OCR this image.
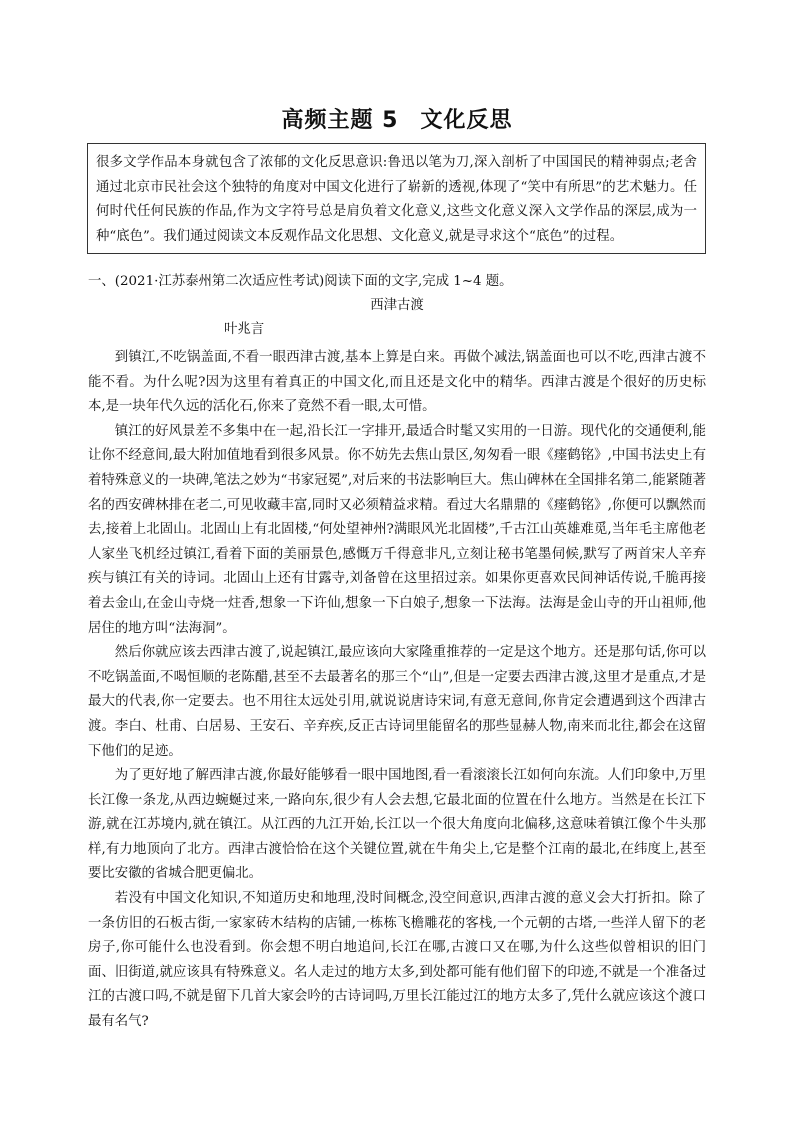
高频主题 5 文化反思
很多文学作品本身就包含了浓郁的文化反思意识:鲁迅以笔为刀,深入剖析了中国国民的精神弱点;老舍通过北京市民社会这个独特的角度对中国文化进行了崭新的透视,体现了“笑中有所思”的艺术魅力。任何时代任何民族的作品,作为文字符号总是肩负着文化意义,这些文化意义深入文学作品的深层,成为一种“底色”。我们通过阅读文本反观作品文化思想、文化意义,就是寻求这个“底色”的过程。
一、(2021·江苏泰州第二次适应性考试)阅读下面的文字,完成 1~4 题。
西津古渡
叶兆言

到镇江,不吃锅盖面,不看一眼西津古渡,基本上算是白来。再做个减法,锅盖面也可以不吃,西津古渡不能不看。为什么呢?因为这里有着真正的中国文化,而且还是文化中的精华。西津古渡是个很好的历史标本,是一块年代久远的活化石,你来了竟然不看一眼,太可惜。

镇江的好风景差不多集中在一起,沿长江一字排开,最适合时髦又实用的一日游。现代化的交通便利,能让你不经意间,最大附加值地看到很多风景。你不妨先去焦山景区,匆匆看一眼《瘗鹤铭》,中国书法史上有着特殊意义的一块碑,笔法之妙为“书家冠冕”,对后来的书法影响巨大。焦山碑林在全国排名第二,能紧随著名的西安碑林排在老二,可见收藏丰富,同时又必须精益求精。看过大名鼎鼎的《瘗鹤铭》,你便可以飘然而去,接着上北固山。北固山上有北固楼,“何处望神州?满眼风光北固楼”,千古江山英雄难觅,当年毛主席他老人家坐飞机经过镇江,看着下面的美丽景色,感慨万千得意非凡,立刻让秘书笔墨伺候,默写了两首宋人辛弃疾与镇江有关的诗词。北固山上还有甘露寺,刘备曾在这里招过亲。如果你更喜欢民间神话传说,千脆再接着去金山,在金山寺烧一炷香,想象一下许仙,想象一下白娘子,想象一下法海。法海是金山寺的开山祖师,他居住的地方叫“法海洞”。

然后你就应该去西津古渡了,说起镇江,最应该向大家隆重推荐的一定是这个地方。还是那句话,你可以不吃锅盖面,不喝恒顺的老陈醋,甚至不去最著名的那三个“山”,但是一定要去西津古渡,这里才是重点,才是最大的代表,你一定要去。也不用往太远处引用,就说说唐诗宋词,有意无意间,你肯定会遭遇到这个西津古渡。李白、杜甫、白居易、王安石、辛弃疾,反正古诗词里能留名的那些显赫人物,南来而北往,都会在这留下他们的足迹。

为了更好地了解西津古渡,你最好能够看一眼中国地图,看一看滚滚长江如何向东流。人们印象中,万里长江像一条龙,从西边蜿蜒过来,一路向东,很少有人会去想,它最北面的位置在什么地方。当然是在长江下游,就在江苏境内,就在镇江。从江西的九江开始,长江以一个很大角度向北偏移,这意味着镇江像个牛头那样,有力地顶向了北方。西津古渡恰恰在这个关键位置,就在牛角尖上,它是整个江南的最北,在纬度上,甚至要比安徽的省城合肥更偏北。

若没有中国文化知识,不知道历史和地理,没时间概念,没空间意识,西津古渡的意义会大打折扣。除了一条仿旧的石板古街,一家家砖木结构的店铺,一栋栋飞檐雕花的客栈,一个元朝的古塔,一些洋人留下的老房子,你可能什么也没看到。你会想不明白地追问,长江在哪,古渡口又在哪,为什么这些似曾相识的旧门面、旧街道,就应该具有特殊意义。名人走过的地方太多,到处都可能有他们留下的印迹,不就是一个准备过江的古渡口吗,不就是留下几首大家会吟的古诗词吗,万里长江能过江的地方太多了,凭什么就应该这个渡口最有名气?
